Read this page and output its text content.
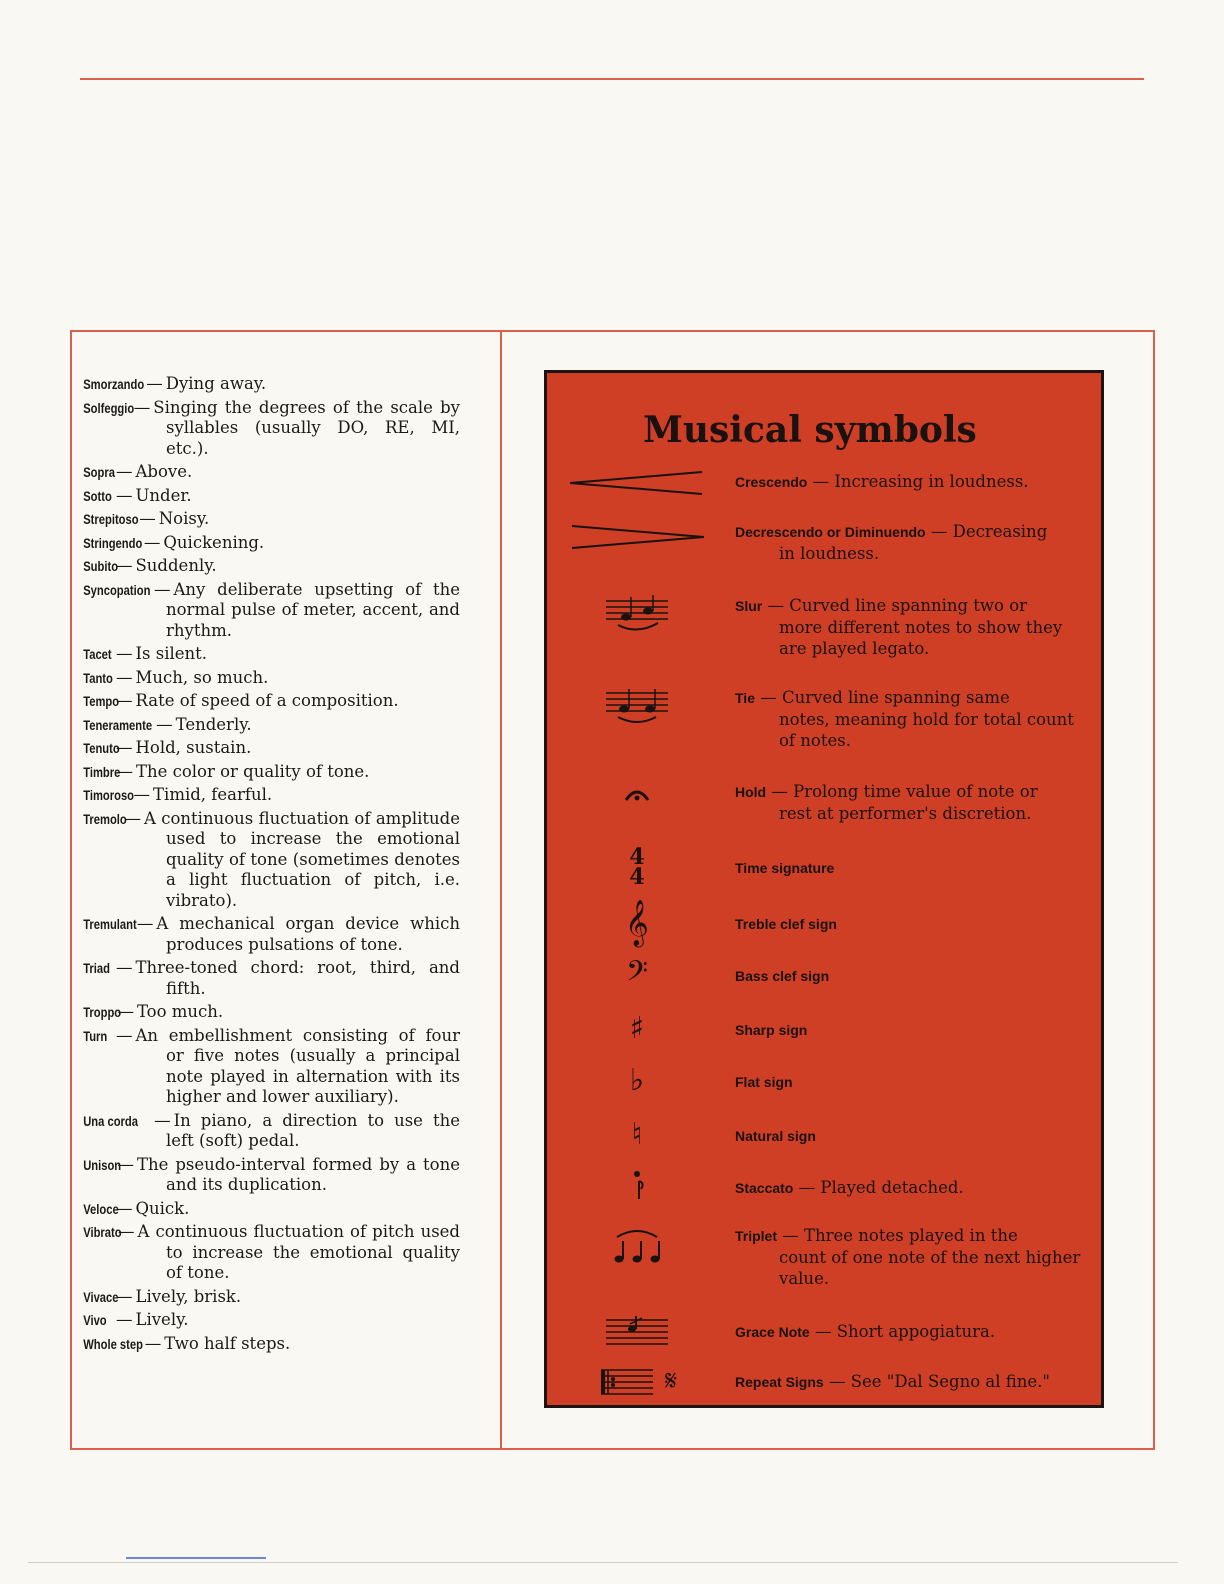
Smorzando — Dying away.
Solfeggio— Singing the degrees of the scale by syllables (usually DO, RE, MI, etc.).
Sopra— Above.
Sotto — Under.
Strepitoso— Noisy.
Stringendo— Quickening.
Subito— Suddenly.
Syncopation — Any deliberate upsetting of the normal pulse of meter, accent, and rhythm.
Tacet — Is silent.
Tanto — Much, so much.
Tempo— Rate of speed of a composition.
Teneramente — Tenderly.
Tenuto— Hold, sustain.
Timbre— The color or quality of tone.
Timoroso— Timid, fearful.
Tremolo— A continuous fluctuation of amplitude used to increase the emotional quality of tone (sometimes denotes a light fluctuation of pitch, i.e. vibrato).
Tremulant— A mechanical organ device which produces pulsations of tone.
Triad — Three-toned chord: root, third, and fifth.
Troppo— Too much.
Turn — An embellishment consisting of four or five notes (usually a principal note played in alternation with its higher and lower auxiliary).
Una corda — In piano, a direction to use the left (soft) pedal.
Unison— The pseudo-interval formed by a tone and its duplication.
Veloce— Quick.
Vibrato— A continuous fluctuation of pitch used to increase the emotional quality of tone.
Vivace— Lively, brisk.
Vivo — Lively.
Whole step — Two half steps.
Musical symbols
Crescendo — Increasing in loudness.
Decrescendo or Diminuendo — Decreasing
in loudness.
Slur — Curved line spanning two or
more different notes to show they are played legato.
Tie — Curved line spanning same
notes, meaning hold for total count of notes.
Hold — Prolong time value of note or
rest at performer's discretion.
4
4	Time signature
𝄞	Treble clef sign
𝄢	Bass clef sign
♯	Sharp sign
♭	Flat sign
♮	Natural sign
Staccato — Played detached.
Triplet — Three notes played in the
count of one note of the next higher value.
Grace Note — Short appogiatura.
𝄋	Repeat Signs — See "Dal Segno al fine."
